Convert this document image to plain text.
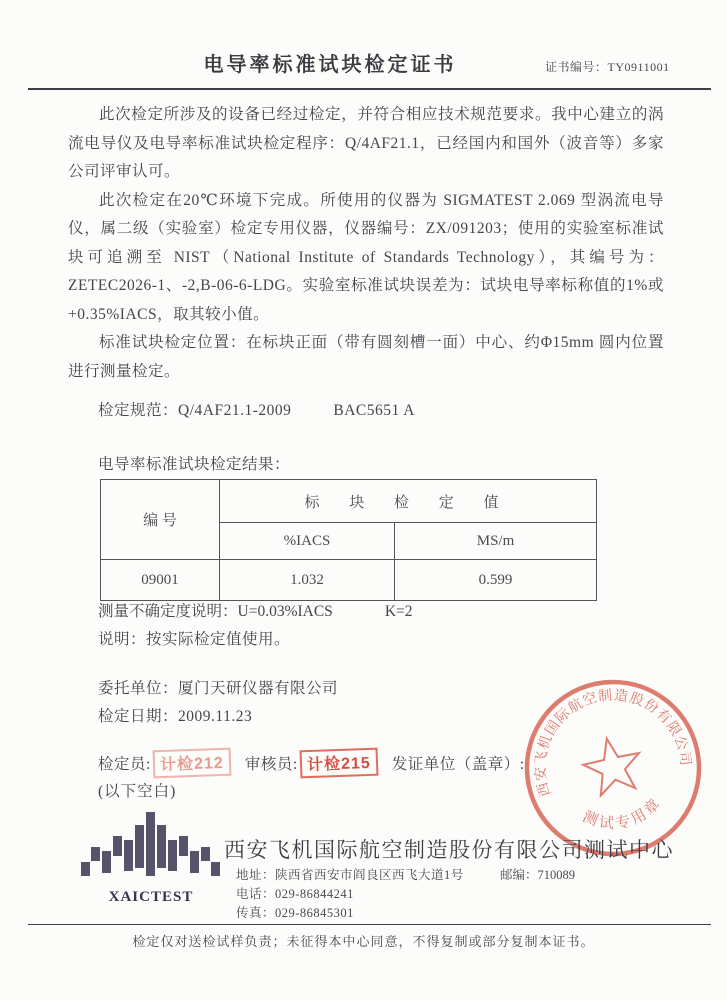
电导率标准试块检定证书	证书编号：TY0911001

此次检定所涉及的设备已经过检定，并符合相应技术规范要求。我中心建立的涡流电导仪及电导率标准试块检定程序：Q/4AF21.1，已经国内和国外（波音等）多家公司评审认可。

此次检定在20℃环境下完成。所使用的仪器为 SIGMATEST 2.069 型涡流电导仪，属二级（实验室）检定专用仪器，仪器编号：ZX/091203；使用的实验室标准试块可追溯至 NIST（National Institute of Standards Technology），其编号为：ZETEC2026-1、-2,B-06-6-LDG。实验室标准试块误差为：试块电导率标称值的1%或+0.35%IACS，取其较小值。

标准试块检定位置：在标块正面（带有圆刻槽一面）中心、约Φ15mm 圆内位置进行测量检定。

检定规范：Q/4AF21.1-2009	BAC5651 A
电导率标准试块检定结果：
编 号	标 块 检 定 值	
	%IACS	MS/m
09001	1.032	0.599
测量不确定度说明：U=0.03%IACS	K=2
说明：按实际检定值使用。
委托单位：厦门天研仪器有限公司
检定日期：2009.11.23
检定员: 计检212 审核员: 计检215 发证单位（盖章）:
(以下空白)	西安飞机国际航空制造股份有限公司
测试专用章
XAICTEST
西安飞机国际航空制造股份有限公司测试中心
地址：陕西省西安市阎良区西飞大道1号	邮编：710089
电话：029-86844241
传真：029-86845301
检定仅对送检试样负责；未征得本中心同意，不得复制或部分复制本证书。
